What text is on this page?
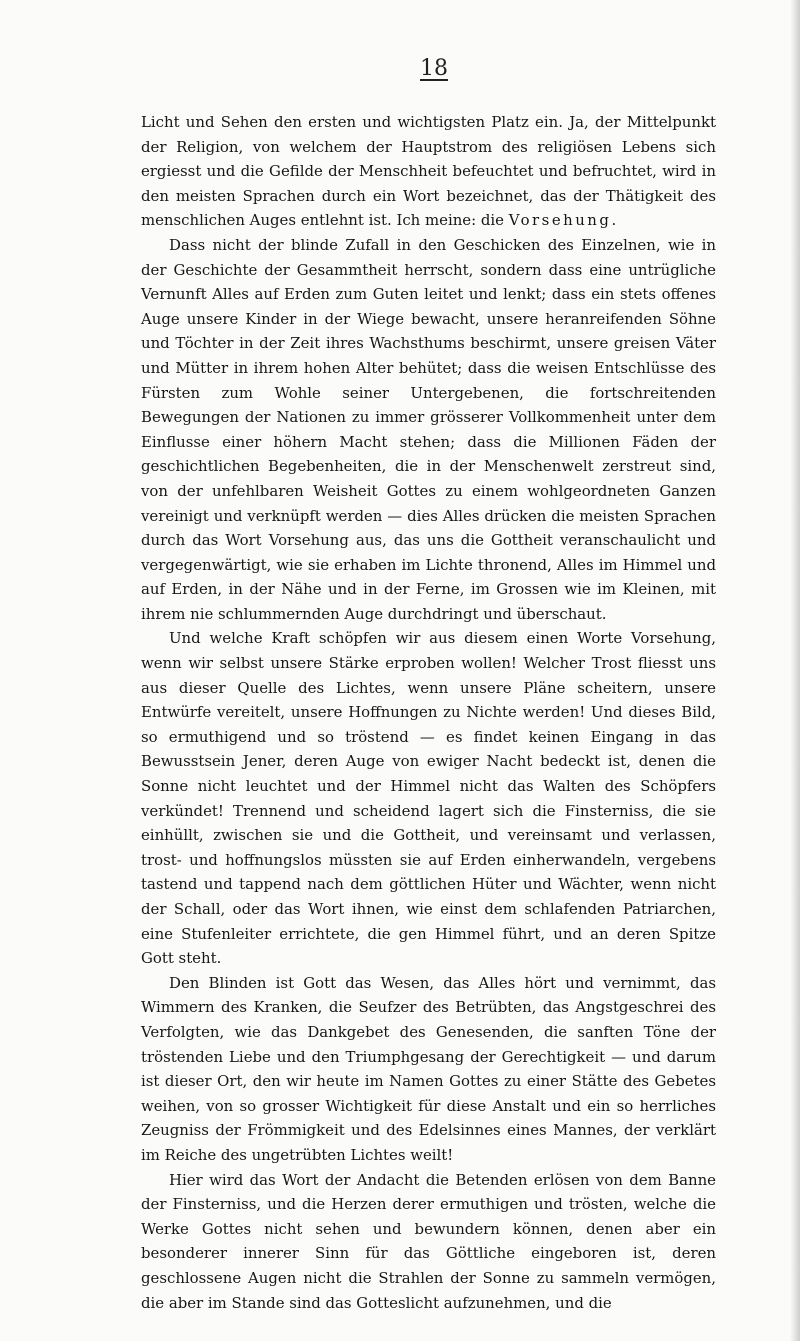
18

Licht und Sehen den ersten und wichtigsten Platz ein. Ja, der Mittelpunkt der Religion, von welchem der Hauptstrom des religiösen Lebens sich ergiesst und die Gefilde der Menschheit befeuchtet und befruchtet, wird in den meisten Sprachen durch ein Wort bezeichnet, das der Thätigkeit des menschlichen Auges entlehnt ist. Ich meine: die Vorsehung.

Dass nicht der blinde Zufall in den Geschicken des Einzelnen, wie in der Geschichte der Gesammtheit herrscht, sondern dass eine untrügliche Vernunft Alles auf Erden zum Guten leitet und lenkt; dass ein stets offenes Auge unsere Kinder in der Wiege bewacht, unsere heranreifenden Söhne und Töchter in der Zeit ihres Wachsthums beschirmt, unsere greisen Väter und Mütter in ihrem hohen Alter behütet; dass die weisen Entschlüsse des Fürsten zum Wohle seiner Untergebenen, die fortschreitenden Bewegungen der Nationen zu immer grösserer Vollkommenheit unter dem Einflusse einer höhern Macht stehen; dass die Millionen Fäden der geschichtlichen Begebenheiten, die in der Menschenwelt zerstreut sind, von der unfehlbaren Weisheit Gottes zu einem wohlgeordneten Ganzen vereinigt und verknüpft werden — dies Alles drücken die meisten Sprachen durch das Wort Vorsehung aus, das uns die Gottheit veranschaulicht und vergegenwärtigt, wie sie erhaben im Lichte thronend, Alles im Himmel und auf Erden, in der Nähe und in der Ferne, im Grossen wie im Kleinen, mit ihrem nie schlummernden Auge durchdringt und überschaut.

Und welche Kraft schöpfen wir aus diesem einen Worte Vorsehung, wenn wir selbst unsere Stärke erproben wollen! Welcher Trost fliesst uns aus dieser Quelle des Lichtes, wenn unsere Pläne scheitern, unsere Entwürfe vereitelt, unsere Hoffnungen zu Nichte werden! Und dieses Bild, so ermuthigend und so tröstend — es findet keinen Eingang in das Bewusstsein Jener, deren Auge von ewiger Nacht bedeckt ist, denen die Sonne nicht leuchtet und der Himmel nicht das Walten des Schöpfers verkündet! Trennend und scheidend lagert sich die Finsterniss, die sie einhüllt, zwischen sie und die Gottheit, und vereinsamt und verlassen, trost- und hoffnungslos müssten sie auf Erden einherwandeln, vergebens tastend und tappend nach dem göttlichen Hüter und Wächter, wenn nicht der Schall, oder das Wort ihnen, wie einst dem schlafenden Patriarchen, eine Stufenleiter errichtete, die gen Himmel führt, und an deren Spitze Gott steht.

Den Blinden ist Gott das Wesen, das Alles hört und vernimmt, das Wimmern des Kranken, die Seufzer des Betrübten, das Angstgeschrei des Verfolgten, wie das Dankgebet des Genesenden, die sanften Töne der tröstenden Liebe und den Triumphgesang der Gerechtigkeit — und darum ist dieser Ort, den wir heute im Namen Gottes zu einer Stätte des Gebetes weihen, von so grosser Wichtigkeit für diese Anstalt und ein so herrliches Zeugniss der Frömmigkeit und des Edelsinnes eines Mannes, der verklärt im Reiche des ungetrübten Lichtes weilt!

Hier wird das Wort der Andacht die Betenden erlösen von dem Banne der Finsterniss, und die Herzen derer ermuthigen und trösten, welche die Werke Gottes nicht sehen und bewundern können, denen aber ein besonderer innerer Sinn für das Göttliche eingeboren ist, deren geschlossene Augen nicht die Strahlen der Sonne zu sammeln vermögen, die aber im Stande sind das Gotteslicht aufzunehmen, und die
